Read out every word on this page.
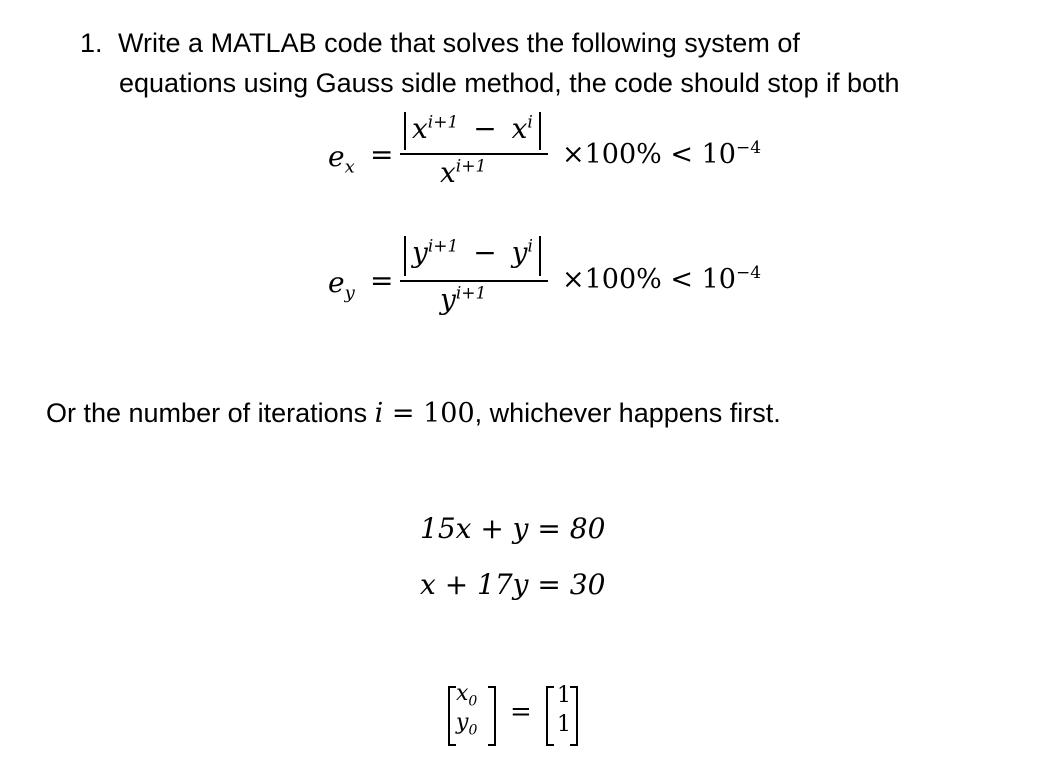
1. Write a MATLAB code that solves the following system of
equations using Gauss sidle method, the code should stop if both
$e_x$ =
$x^{i+1} - x^i$
$x^{i+1}$	$\times 100\% < 10^{-4}$
$e_y$ =
$y^{i+1} - y^i$
$y^{i+1}$	$\times 100\% < 10^{-4}$
Or the number of iterations i = 100, whichever happens first.
15x + y = 80
x + 17y = 30
$x_0$
$y_0$
=
1
1
